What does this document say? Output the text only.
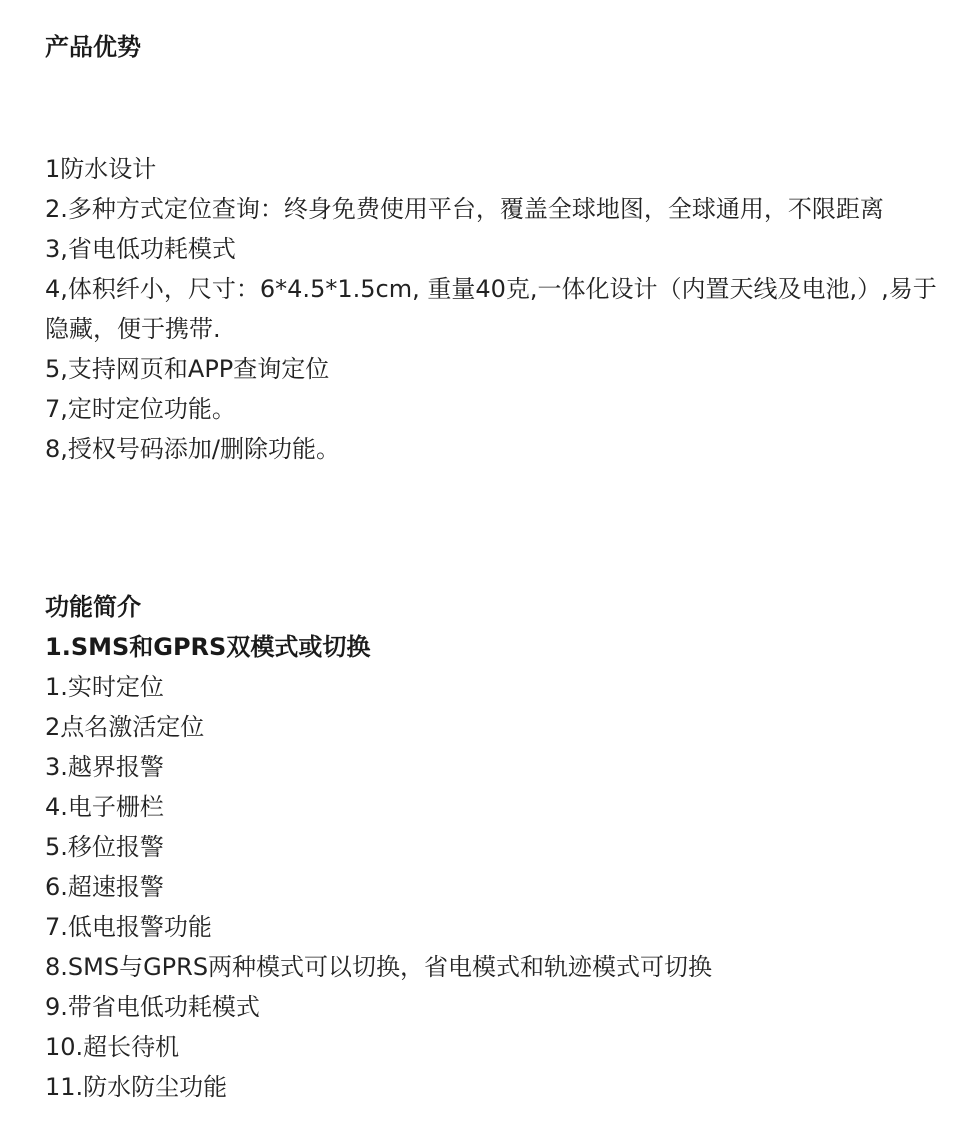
产品优势

1防水设计

2.多种方式定位查询：终身免费使用平台，覆盖全球地图，全球通用，不限距离

3,省电低功耗模式

4,体积纤小，尺寸：6*4.5*1.5cm, 重量40克,一体化设计（内置天线及电池,）,易于隐藏，便于携带.

5,支持网页和APP查询定位

7,定时定位功能。

8,授权号码添加/删除功能。

功能简介

1.SMS和GPRS双模式或切换

1.实时定位

2点名激活定位

3.越界报警

4.电子栅栏

5.移位报警

6.超速报警

7.低电报警功能

8.SMS与GPRS两种模式可以切换，省电模式和轨迹模式可切换

9.带省电低功耗模式

10.超长待机

11.防水防尘功能
